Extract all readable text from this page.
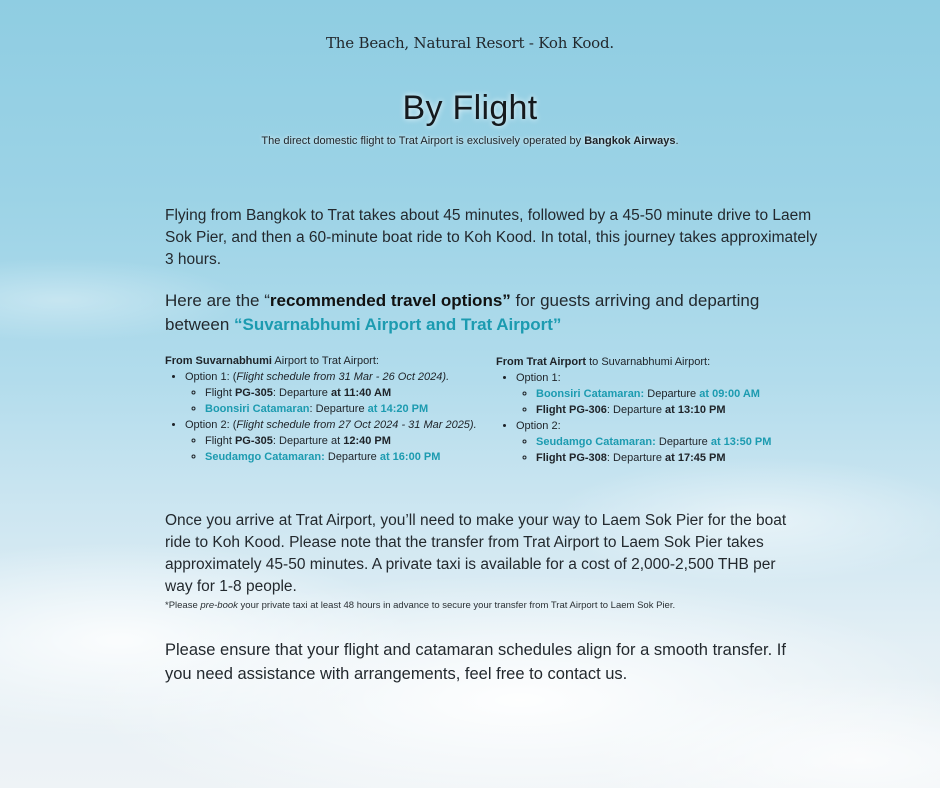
The Beach, Natural Resort - Koh Kood.
By Flight
The direct domestic flight to Trat Airport is exclusively operated by Bangkok Airways.
Flying from Bangkok to Trat takes about 45 minutes, followed by a 45-50 minute drive to Laem Sok Pier, and then a 60-minute boat ride to Koh Kood. In total, this journey takes approximately 3 hours.
Here are the “recommended travel options” for guests arriving and departing between “Suvarnabhumi Airport and Trat Airport”
From Suvarnabhumi Airport to Trat Airport:
• Option 1: (Flight schedule from 31 Mar - 26 Oct 2024).
◦ Flight PG-305: Departure at 11:40 AM
◦ Boonsiri Catamaran: Departure at 14:20 PM
• Option 2: (Flight schedule from 27 Oct 2024 - 31 Mar 2025).
◦ Flight PG-305: Departure at 12:40 PM
◦ Seudamgo Catamaran: Departure at 16:00 PM
From Trat Airport to Suvarnabhumi Airport:
• Option 1:
◦ Boonsiri Catamaran: Departure at 09:00 AM
◦ Flight PG-306: Departure at 13:10 PM
• Option 2:
◦ Seudamgo Catamaran: Departure at 13:50 PM
◦ Flight PG-308: Departure at 17:45 PM
Once you arrive at Trat Airport, you’ll need to make your way to Laem Sok Pier for the boat ride to Koh Kood. Please note that the transfer from Trat Airport to Laem Sok Pier takes approximately 45-50 minutes. A private taxi is available for a cost of 2,000-2,500 THB per way for 1-8 people.
*Please pre-book your private taxi at least 48 hours in advance to secure your transfer from Trat Airport to Laem Sok Pier.
Please ensure that your flight and catamaran schedules align for a smooth transfer. If you need assistance with arrangements, feel free to contact us.
